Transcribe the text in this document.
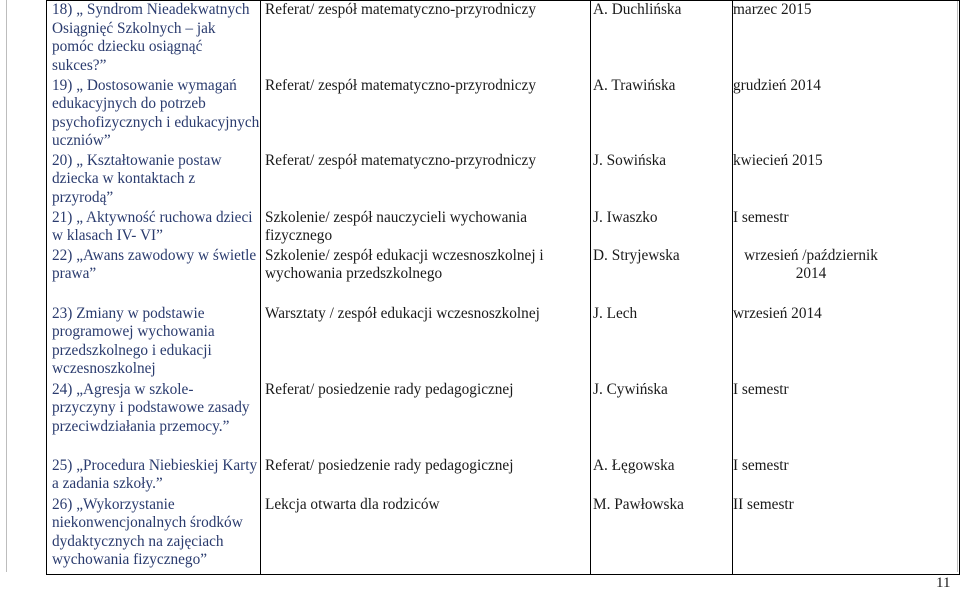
18) „ Syndrom Nieadekwatnych Osiągnięć Szkolnych – jak pomóc dziecku osiągnąć sukces?”	Referat/ zespół matematyczno-przyrodniczy	A. Duchlińska	marzec 2015
19) „ Dostosowanie wymagań edukacyjnych do potrzeb psychofizycznych i edukacyjnych uczniów”	Referat/ zespół matematyczno-przyrodniczy	A. Trawińska	grudzień 2014
20) „ Kształtowanie postaw dziecka w kontaktach z przyrodą”	Referat/ zespół matematyczno-przyrodniczy	J. Sowińska	kwiecień 2015
21) „ Aktywność ruchowa dzieci w klasach IV- VI”	Szkolenie/ zespół nauczycieli wychowania fizycznego	J. Iwaszko	I semestr
22) „Awans zawodowy w świetle prawa”	Szkolenie/ zespół edukacji wczesnoszkolnej i wychowania przedszkolnego	D. Stryjewska	wrzesień /październik 2014
23) Zmiany w podstawie programowej wychowania przedszkolnego i edukacji wczesnoszkolnej	Warsztaty / zespół edukacji wczesnoszkolnej	J. Lech	wrzesień 2014
24) „Agresja w szkole- przyczyny i podstawowe zasady przeciwdziałania przemocy.”	Referat/ posiedzenie rady pedagogicznej	J. Cywińska	I semestr
25) „Procedura Niebieskiej Karty a zadania szkoły.”	Referat/ posiedzenie rady pedagogicznej	A. Łęgowska	I semestr
26) „Wykorzystanie niekonwencjonalnych środków dydaktycznych na zajęciach wychowania fizycznego”	Lekcja otwarta dla rodziców	M. Pawłowska	II semestr
11
